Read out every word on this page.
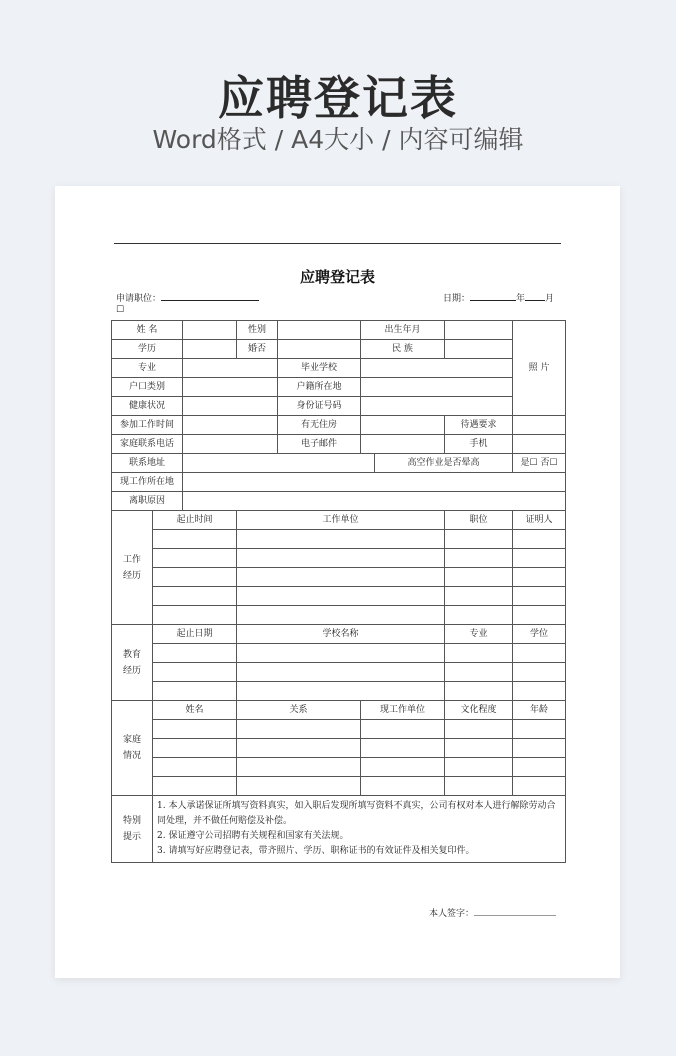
应聘登记表
Word格式 / A4大小 / 内容可编辑
应聘登记表
申请职位：
☐
日期：	年 月
姓 名			性别		出生年月			照 片
学历			婚否		民 族			
专业				毕业学校				
户口类别				户籍所在地				
健康状况				身份证号码				
参加工作时间				有无住房			待遇要求	
家庭联系电话				电子邮件			手机	
联系地址						高空作业是否晕高		是☐ 否☐
现工作所在地								
离职原因								
工作经历	起止时间		工作单位				职位	证明人

教育经历	起止日期		学校名称				专业	学位

家庭情况	姓名		关系		现工作单位		文化程度	年龄

特别提示	1. 本人承诺保证所填写资料真实，如入职后发现所填写资料不真实，公司有权对本人进行解除劳动合同处理，并不做任何赔偿及补偿。
2. 保证遵守公司招聘有关规程和国家有关法规。
3. 请填写好应聘登记表，带齐照片、学历、职称证书的有效证件及相关复印件。							
本人签字：
